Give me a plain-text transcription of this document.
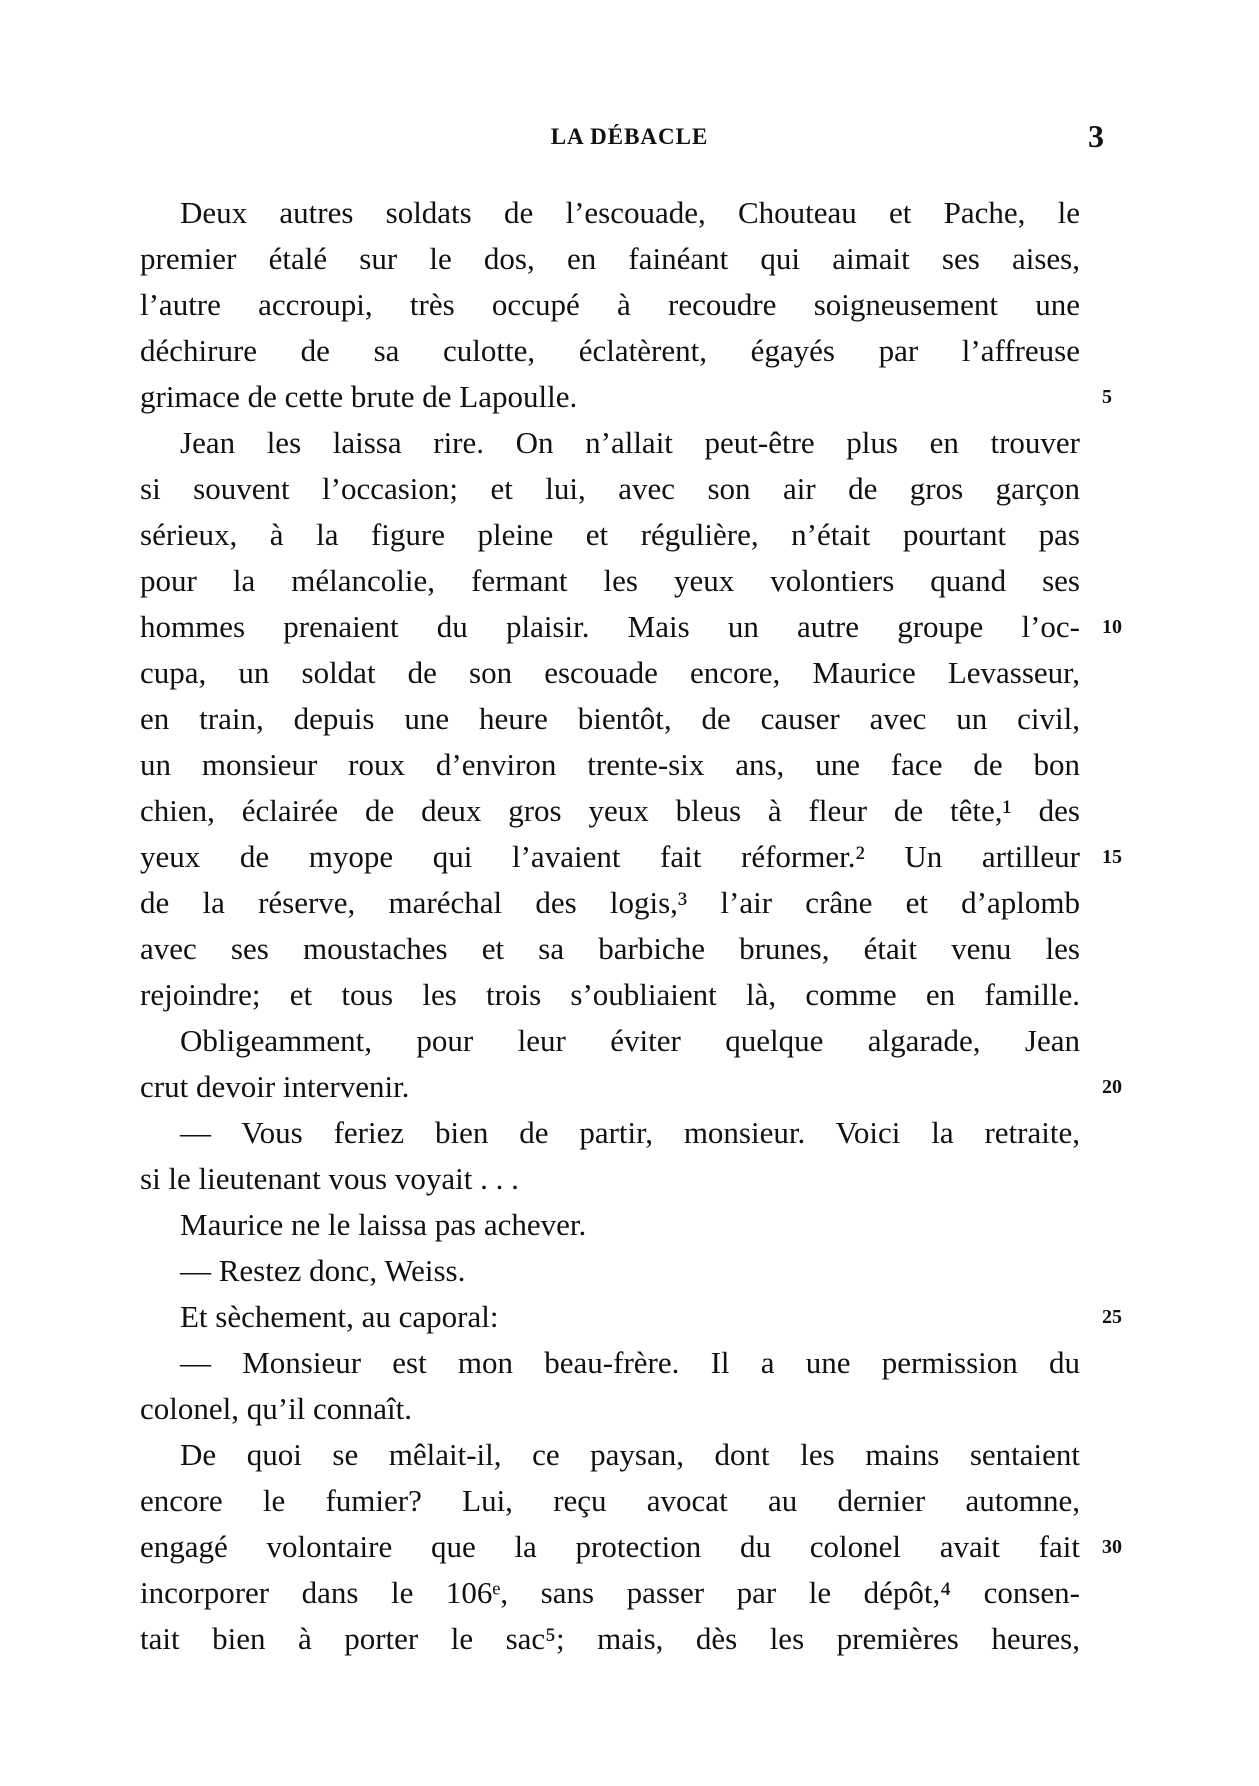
LA DÉBACLE	3
Deux autres soldats de l’escouade, Chouteau et Pache, le
premier étalé sur le dos, en fainéant qui aimait ses aises,
l’autre accroupi, très occupé à recoudre soigneusement une
déchirure de sa culotte, éclatèrent, égayés par l’affreuse
grimace de cette brute de Lapoulle.	5
Jean les laissa rire. On n’allait peut-être plus en trouver
si souvent l’occasion; et lui, avec son air de gros garçon
sérieux, à la figure pleine et régulière, n’était pourtant pas
pour la mélancolie, fermant les yeux volontiers quand ses
hommes prenaient du plaisir. Mais un autre groupe l’oc- 10
cupa, un soldat de son escouade encore, Maurice Levasseur,
en train, depuis une heure bientôt, de causer avec un civil,
un monsieur roux d’environ trente-six ans, une face de bon
chien, éclairée de deux gros yeux bleus à fleur de tête,¹ des
yeux de myope qui l’avaient fait réformer.² Un artilleur 15
de la réserve, maréchal des logis,³ l’air crâne et d’aplomb
avec ses moustaches et sa barbiche brunes, était venu les
rejoindre; et tous les trois s’oubliaient là, comme en famille.
Obligeamment, pour leur éviter quelque algarade, Jean
crut devoir intervenir.	20
— Vous feriez bien de partir, monsieur. Voici la retraite,
si le lieutenant vous voyait . . .
Maurice ne le laissa pas achever.
— Restez donc, Weiss.
Et sèchement, au caporal:	25
— Monsieur est mon beau-frère. Il a une permission du
colonel, qu’il connaît.
De quoi se mêlait-il, ce paysan, dont les mains sentaient
encore le fumier? Lui, reçu avocat au dernier automne,
engagé volontaire que la protection du colonel avait fait 30
incorporer dans le 106ᵉ, sans passer par le dépôt,⁴ consen-
tait bien à porter le sac⁵; mais, dès les premières heures,
